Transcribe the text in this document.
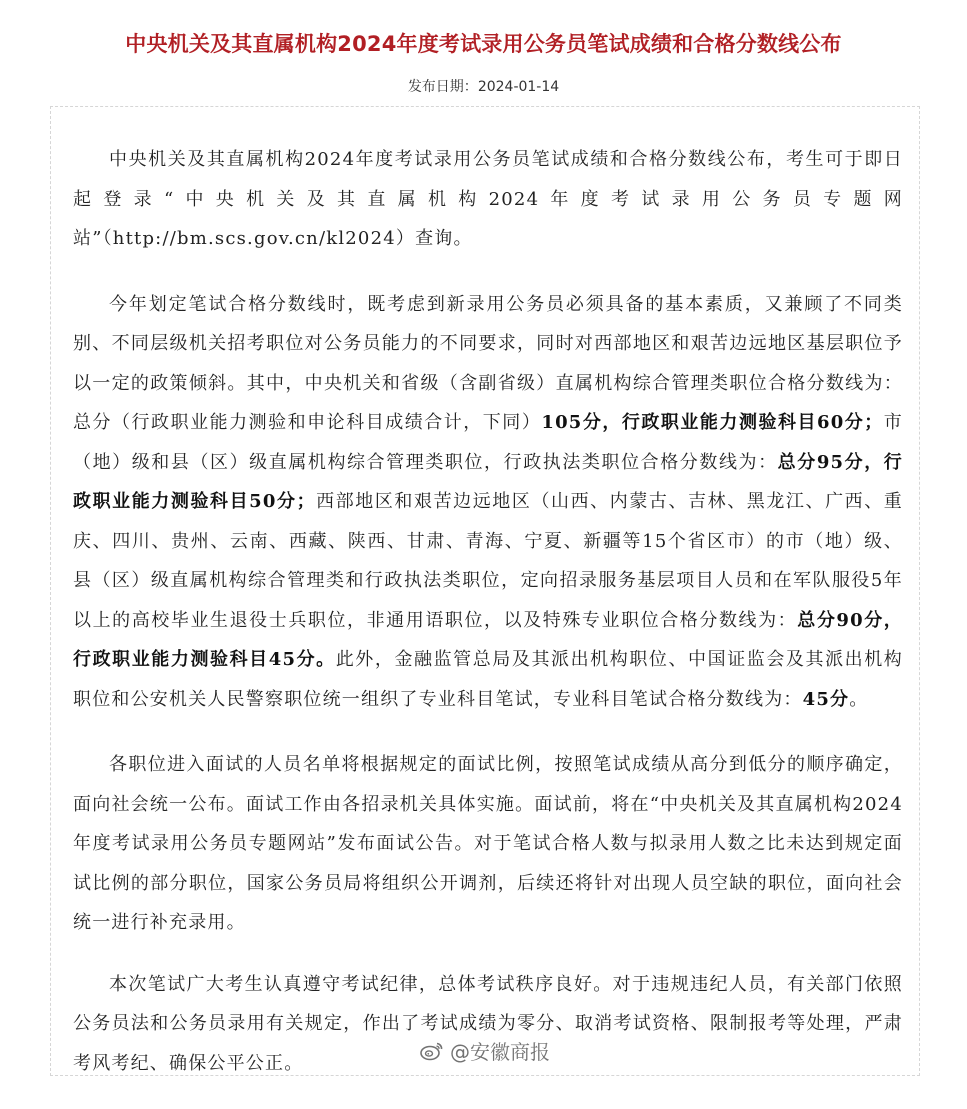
中央机关及其直属机构2024年度考试录用公务员笔试成绩和合格分数线公布
发布日期：2024-01-14

中央机关及其直属机构2024年度考试录用公务员笔试成绩和合格分数线公布，考生可于即日起登录“中央机关及其直属机构2024年度考试录用公务员专题网站”（http://bm.scs.gov.cn/kl2024）查询。

今年划定笔试合格分数线时，既考虑到新录用公务员必须具备的基本素质，又兼顾了不同类别、不同层级机关招考职位对公务员能力的不同要求，同时对西部地区和艰苦边远地区基层职位予以一定的政策倾斜。其中，中央机关和省级（含副省级）直属机构综合管理类职位合格分数线为：总分（行政职业能力测验和申论科目成绩合计，下同）105分，行政职业能力测验科目60分；市（地）级和县（区）级直属机构综合管理类职位，行政执法类职位合格分数线为：总分95分，行政职业能力测验科目50分；西部地区和艰苦边远地区（山西、内蒙古、吉林、黑龙江、广西、重庆、四川、贵州、云南、西藏、陕西、甘肃、青海、宁夏、新疆等15个省区市）的市（地）级、县（区）级直属机构综合管理类和行政执法类职位，定向招录服务基层项目人员和在军队服役5年以上的高校毕业生退役士兵职位，非通用语职位，以及特殊专业职位合格分数线为：总分90分，行政职业能力测验科目45分。此外，金融监管总局及其派出机构职位、中国证监会及其派出机构职位和公安机关人民警察职位统一组织了专业科目笔试，专业科目笔试合格分数线为：45分。

各职位进入面试的人员名单将根据规定的面试比例，按照笔试成绩从高分到低分的顺序确定，面向社会统一公布。面试工作由各招录机关具体实施。面试前，将在“中央机关及其直属机构2024年度考试录用公务员专题网站”发布面试公告。对于笔试合格人数与拟录用人数之比未达到规定面试比例的部分职位，国家公务员局将组织公开调剂，后续还将针对出现人员空缺的职位，面向社会统一进行补充录用。

本次笔试广大考生认真遵守考试纪律，总体考试秩序良好。对于违规违纪人员，有关部门依照公务员法和公务员录用有关规定，作出了考试成绩为零分、取消考试资格、限制报考等处理，严肃考风考纪、确保公平公正。	@安徽商报
